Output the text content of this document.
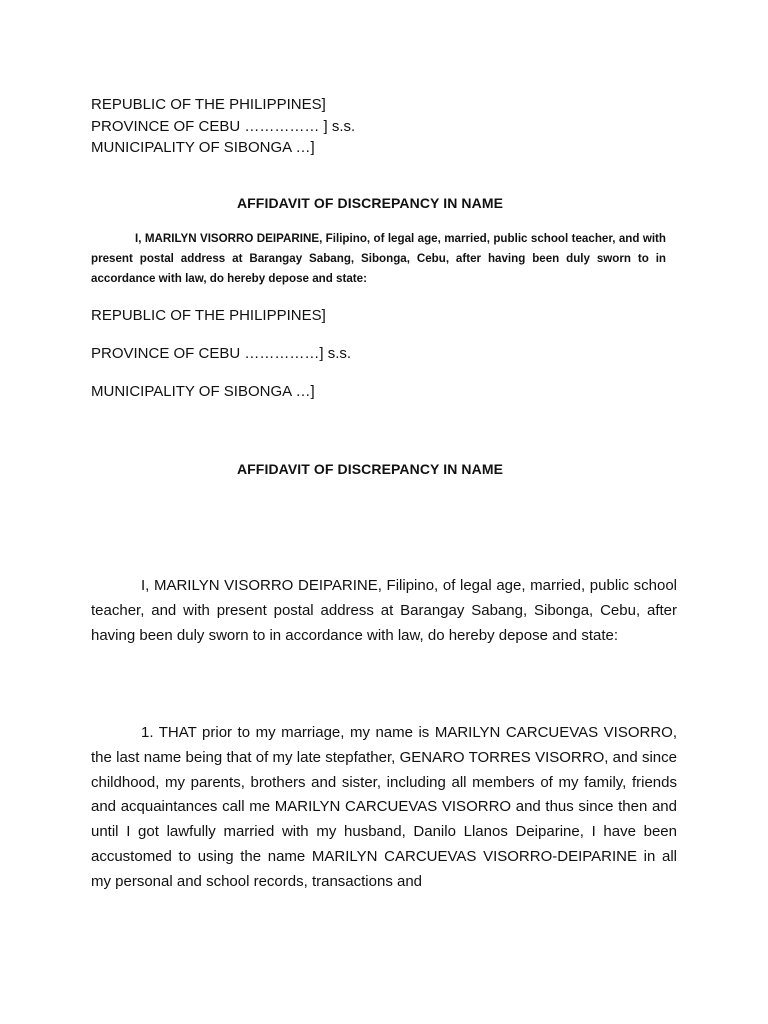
REPUBLIC OF THE PHILIPPINES]
PROVINCE OF CEBU …………… ] s.s.
MUNICIPALITY OF SIBONGA …]
AFFIDAVIT OF DISCREPANCY IN NAME

I, MARILYN VISORRO DEIPARINE, Filipino, of legal age, married, public school teacher, and with present postal address at Barangay Sabang, Sibonga, Cebu, after having been duly sworn to in accordance with law, do hereby depose and state:

REPUBLIC OF THE PHILIPPINES]
PROVINCE OF CEBU ……………] s.s.
MUNICIPALITY OF SIBONGA …]
AFFIDAVIT OF DISCREPANCY IN NAME

I, MARILYN VISORRO DEIPARINE, Filipino, of legal age, married, public school teacher, and with present postal address at Barangay Sabang, Sibonga, Cebu, after having been duly sworn to in accordance with law, do hereby depose and state:

1. THAT prior to my marriage, my name is MARILYN CARCUEVAS VISORRO, the last name being that of my late stepfather, GENARO TORRES VISORRO, and since childhood, my parents, brothers and sister, including all members of my family, friends and acquaintances call me MARILYN CARCUEVAS VISORRO and thus since then and until I got lawfully married with my husband, Danilo Llanos Deiparine, I have been accustomed to using the name MARILYN CARCUEVAS VISORRO-DEIPARINE in all my personal and school records, transactions and
